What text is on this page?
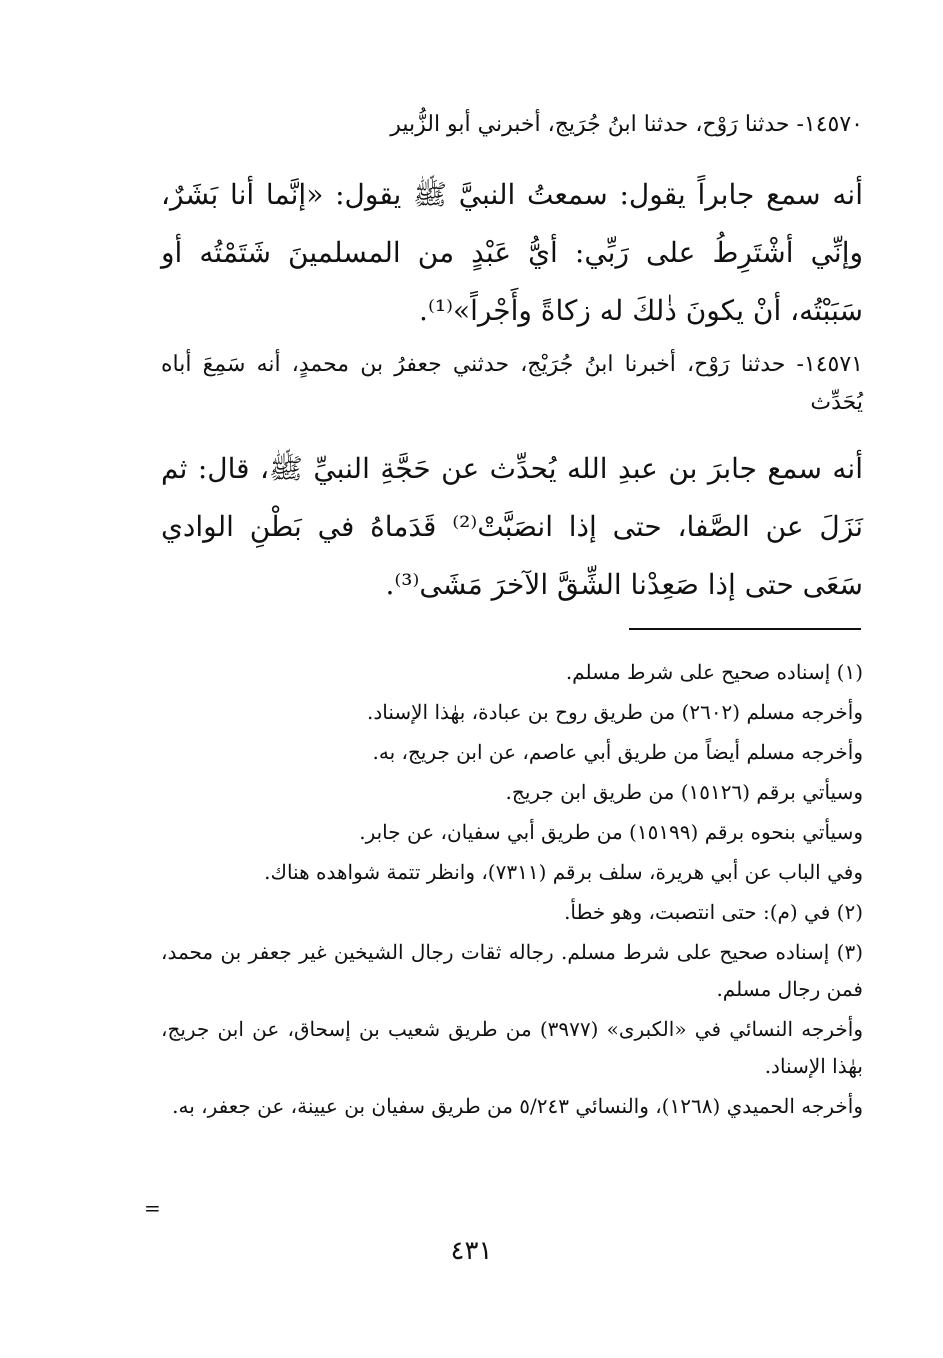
١٤٥٧٠- حدثنا رَوْح، حدثنا ابنُ جُرَيج، أخبرني أبو الزُّبير

أنه سمع جابراً يقول: سمعتُ النبيَّ ﷺ يقول: «إنَّما أنا بَشَرٌ، وإنِّي أشْتَرِطُ على رَبِّي: أيُّ عَبْدٍ من المسلمينَ شَتَمْتُه أو سَبَبْتُه، أنْ يكونَ ذٰلكَ له زكاةً وأَجْراً»⁽¹⁾.

١٤٥٧١- حدثنا رَوْح، أخبرنا ابنُ جُرَيْج، حدثني جعفرُ بن محمدٍ، أنه سَمِعَ أباه يُحَدِّث

أنه سمع جابرَ بن عبدِ الله يُحدِّث عن حَجَّةِ النبيِّ ﷺ، قال: ثم نَزَلَ عن الصَّفا، حتى إذا انصَبَّتْ⁽²⁾ قَدَماهُ في بَطْنِ الوادي سَعَى حتى إذا صَعِدْنا الشِّقَّ الآخرَ مَشَى⁽³⁾.

(١) إسناده صحيح على شرط مسلم.

وأخرجه مسلم (٢٦٠٢) من طريق روح بن عبادة، بهٰذا الإسناد.

وأخرجه مسلم أيضاً من طريق أبي عاصم، عن ابن جريج، به.

وسيأتي برقم (١٥١٢٦) من طريق ابن جريج.

وسيأتي بنحوه برقم (١٥١٩٩) من طريق أبي سفيان، عن جابر.

وفي الباب عن أبي هريرة، سلف برقم (٧٣١١)، وانظر تتمة شواهده هناك.

(٢) في (م): حتى انتصبت، وهو خطأ.

(٣) إسناده صحيح على شرط مسلم. رجاله ثقات رجال الشيخين غير جعفر بن محمد، فمن رجال مسلم.

وأخرجه النسائي في «الكبرى» (٣٩٧٧) من طريق شعيب بن إسحاق، عن ابن جريج، بهٰذا الإسناد.

وأخرجه الحميدي (١٢٦٨)، والنسائي ٥/٢٤٣ من طريق سفيان بن عيينة، عن جعفر، به.

=
٤٣١
